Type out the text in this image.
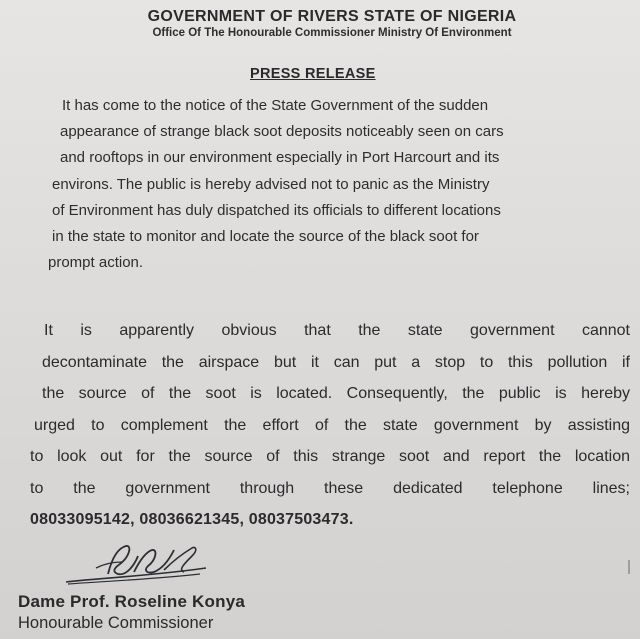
GOVERNMENT OF RIVERS STATE OF NIGERIA
Office Of The Honourable Commissioner Ministry Of Environment
PRESS RELEASE
It has come to the notice of the State Government of the sudden
appearance of strange black soot deposits noticeably seen on cars
and rooftops in our environment especially in Port Harcourt and its
environs. The public is hereby advised not to panic as the Ministry
of Environment has duly dispatched its officials to different locations
in the state to monitor and locate the source of the black soot for
prompt action.
It is apparently obvious that the state government cannot
decontaminate the airspace but it can put a stop to this pollution if
the source of the soot is located. Consequently, the public is hereby
urged to complement the effort of the state government by assisting
to look out for the source of this strange soot and report the location
to the government through these dedicated telephone lines;
08033095142, 08036621345, 08037503473.
Dame Prof. Roseline Konya
Honourable Commissioner
